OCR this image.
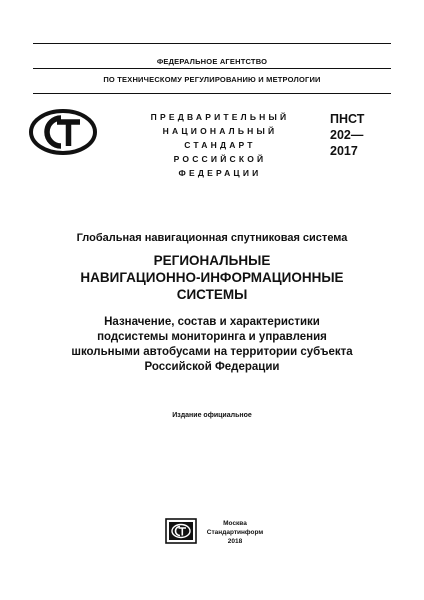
ФЕДЕРАЛЬНОЕ АГЕНТСТВО
ПО ТЕХНИЧЕСКОМУ РЕГУЛИРОВАНИЮ И МЕТРОЛОГИИ
ПРЕДВАРИТЕЛЬНЫЙ
НАЦИОНАЛЬНЫЙ
СТАНДАРТ
РОССИЙСКОЙ
ФЕДЕРАЦИИ
ПНСТ
202—
2017
Глобальная навигационная спутниковая система
РЕГИОНАЛЬНЫЕ
НАВИГАЦИОННО-ИНФОРМАЦИОННЫЕ
СИСТЕМЫ
Назначение, состав и характеристики
подсистемы мониторинга и управления
школьными автобусами на территории субъекта
Российской Федерации
Издание официальное
Москва
Стандартинформ
2018
